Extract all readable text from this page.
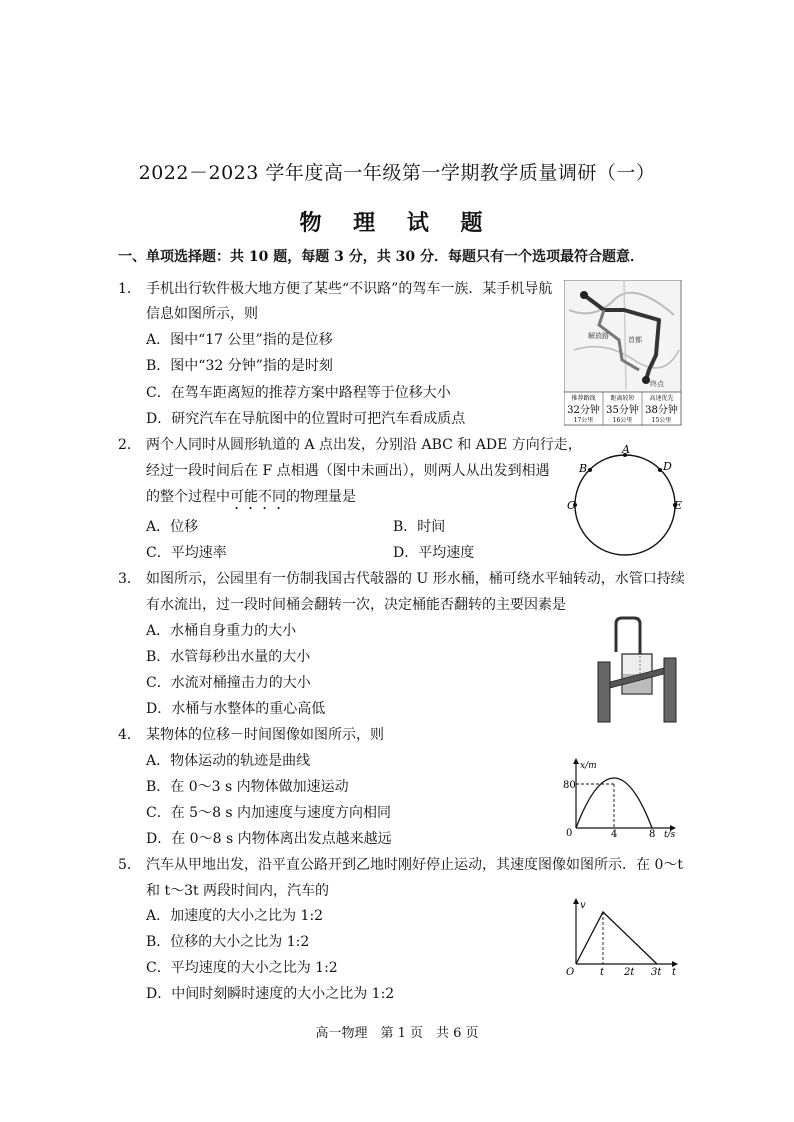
2022－2023 学年度高一年级第一学期教学质量调研（一）
物 理 试 题
一、单项选择题：共 10 题，每题 3 分，共 30 分．每题只有一个选项最符合题意．
1． 手机出行软件极大地方便了某些“不识路”的驾车一族．某手机导航
信息如图所示，则
A．图中“17 公里”指的是位移
B．图中“32 分钟”指的是时刻
C．在驾车距离短的推荐方案中路程等于位移大小
D．研究汽车在导航图中的位置时可把汽车看成质点
首都
解放路
终点
推荐路线
32分钟
17公里
距离较短
35分钟
16公里
高速优先
38分钟
15公里
2． 两个人同时从圆形轨道的 A 点出发，分别沿 ABC 和 ADE 方向行走，
经过一段时间后在 F 点相遇（图中未画出），则两人从出发到相遇
的整个过程中可能不同的物理量是
A．位移	B．时间
C．平均速率	D．平均速度
A
B
C
D
E
3． 如图所示，公园里有一仿制我国古代敧器的 U 形水桶，桶可绕水平轴转动，水管口持续
有水流出，过一段时间桶会翻转一次，决定桶能否翻转的主要因素是
A．水桶自身重力的大小
B．水管每秒出水量的大小
C．水流对桶撞击力的大小
D．水桶与水整体的重心高低
4． 某物体的位移－时间图像如图所示，则
A．物体运动的轨迹是曲线
B．在 0～3 s 内物体做加速运动
C．在 5～8 s 内加速度与速度方向相同
D．在 0～8 s 内物体离出发点越来越远
x/m
80
0	4	8 t/s
5． 汽车从甲地出发，沿平直公路开到乙地时刚好停止运动，其速度图像如图所示．在 0～t
和 t～3t 两段时间内，汽车的
A．加速度的大小之比为 1:2
B．位移的大小之比为 1:2
C．平均速度的大小之比为 1:2
D．中间时刻瞬时速度的大小之比为 1:2
v
O	t 2t 3t t
高一物理　第 1 页　共 6 页
